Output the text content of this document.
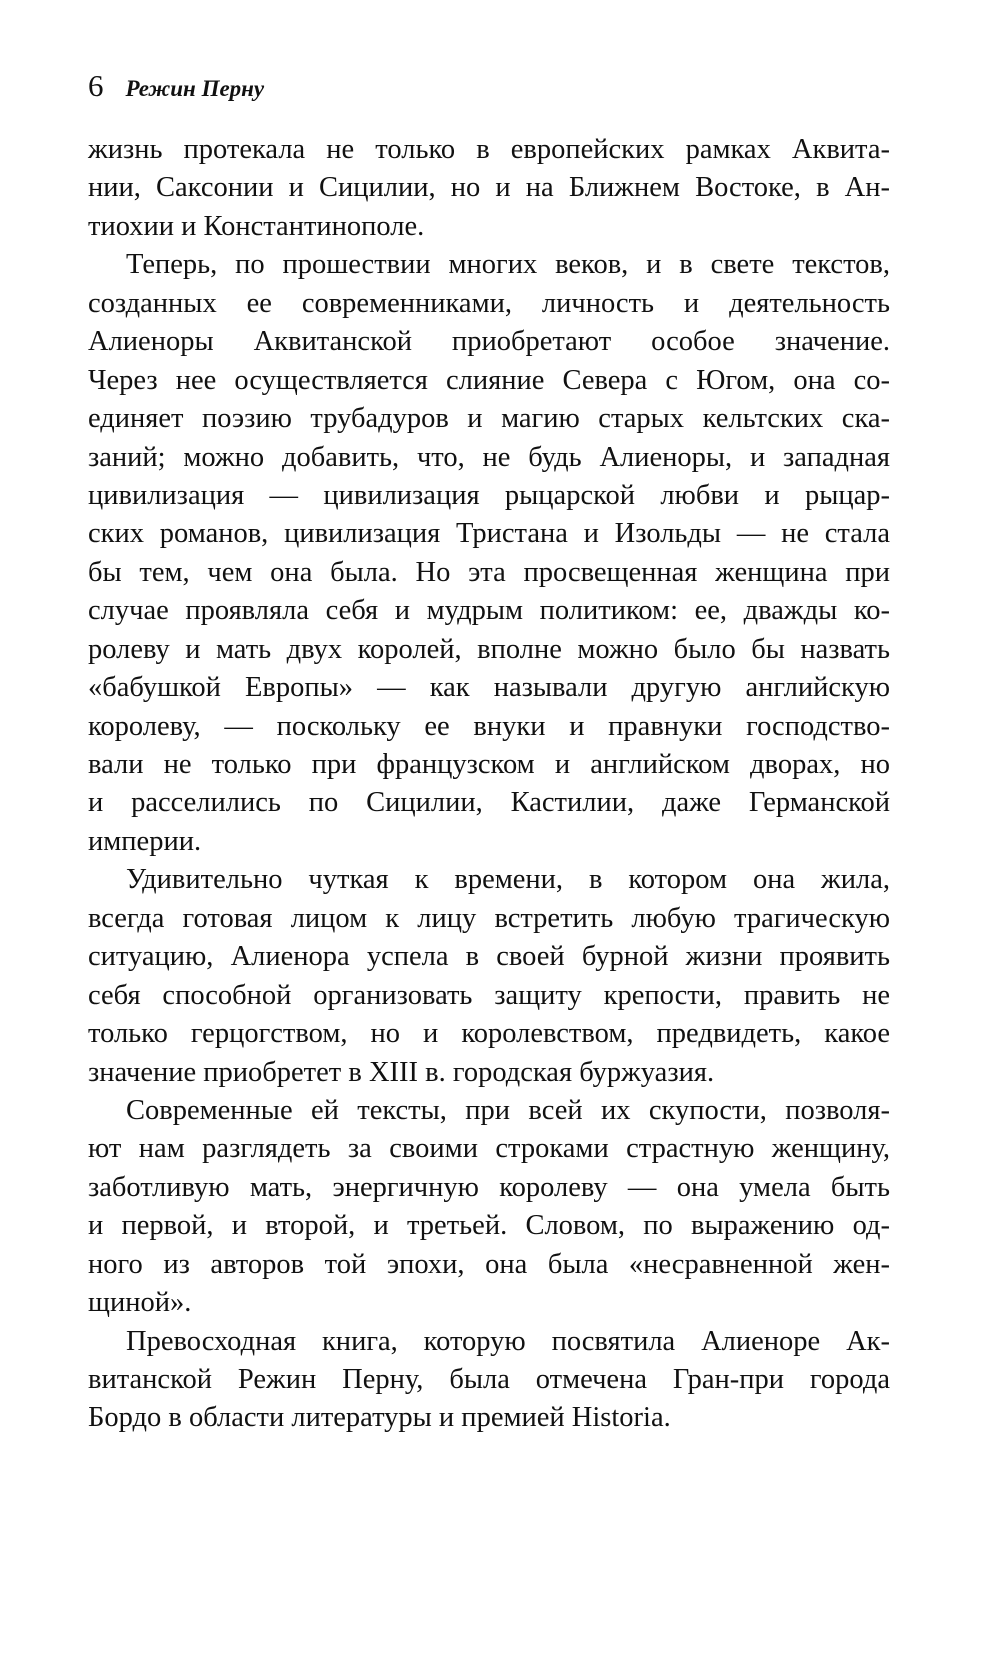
6 Режин Перну
жизнь протекала не только в европейских рамках Аквита-
нии, Саксонии и Сицилии, но и на Ближнем Востоке, в Ан-
тиохии и Константинополе.
Теперь, по прошествии многих веков, и в свете текстов,
созданных ее современниками, личность и деятельность
Алиеноры Аквитанской приобретают особое значение.
Через нее осуществляется слияние Севера с Югом, она со-
единяет поэзию трубадуров и магию старых кельтских ска-
заний; можно добавить, что, не будь Алиеноры, и западная
цивилизация — цивилизация рыцарской любви и рыцар-
ских романов, цивилизация Тристана и Изольды — не стала
бы тем, чем она была. Но эта просвещенная женщина при
случае проявляла себя и мудрым политиком: ее, дважды ко-
ролеву и мать двух королей, вполне можно было бы назвать
«бабушкой Европы» — как называли другую английскую
королеву, — поскольку ее внуки и правнуки господство-
вали не только при французском и английском дворах, но
и расселились по Сицилии, Кастилии, даже Германской
империи.
Удивительно чуткая к времени, в котором она жила,
всегда готовая лицом к лицу встретить любую трагическую
ситуацию, Алиенора успела в своей бурной жизни проявить
себя способной организовать защиту крепости, править не
только герцогством, но и королевством, предвидеть, какое
значение приобретет в XIII в. городская буржуазия.
Современные ей тексты, при всей их скупости, позволя-
ют нам разглядеть за своими строками страстную женщину,
заботливую мать, энергичную королеву — она умела быть
и первой, и второй, и третьей. Словом, по выражению од-
ного из авторов той эпохи, она была «несравненной жен-
щиной».
Превосходная книга, которую посвятила Алиеноре Ак-
витанской Режин Перну, была отмечена Гран-при города
Бордо в области литературы и премией Historia.
